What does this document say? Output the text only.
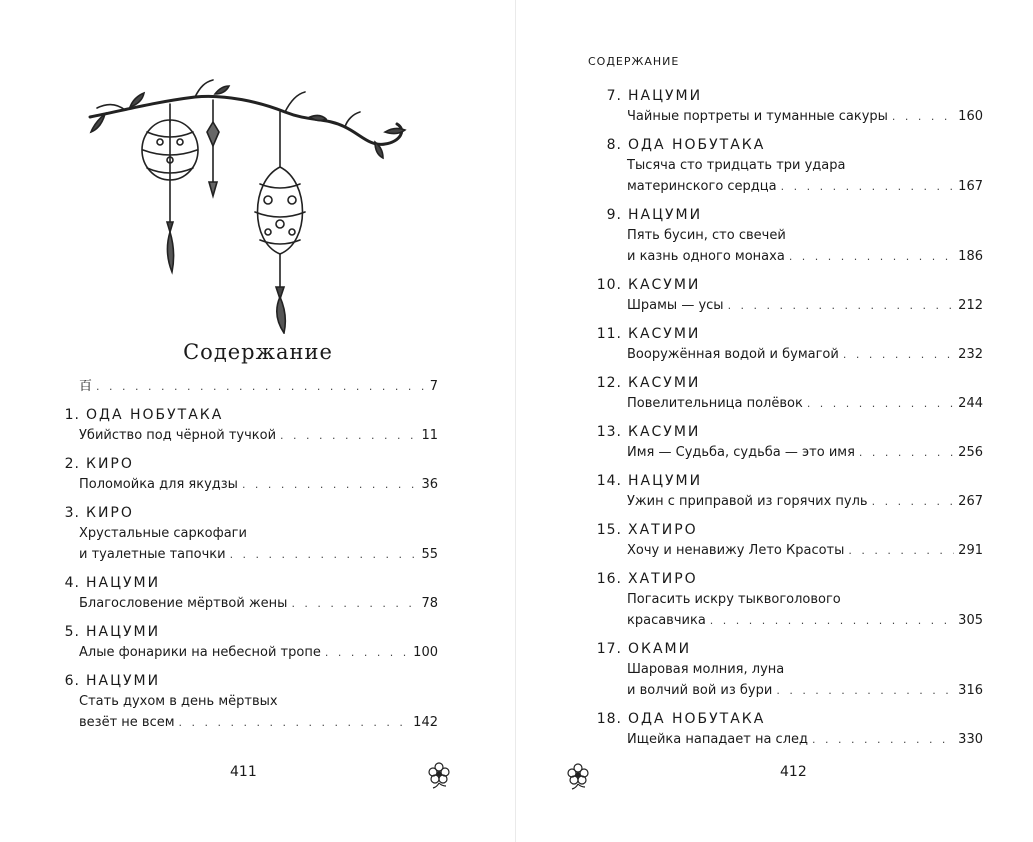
Содержание
百 . . .	7
1. ОДА НОБУТАКА
Убийство под чёрной тучкой . . .	11
2. КИРО
Поломойка для якудзы . . .	36
3. КИРО
Хрустальные саркофаги
и туалетные тапочки . . .	55
4. НАЦУМИ
Благословение мёртвой жены . . .	78
5. НАЦУМИ
Алые фонарики на небесной тропе . . .	100
6. НАЦУМИ
Стать духом в день мёртвых
везёт не всем . . .	142
411
СОДЕРЖАНИЕ
7. НАЦУМИ
Чайные портреты и туманные сакуры . . .	160
8. ОДА НОБУТАКА
Тысяча сто тридцать три удара
материнского сердца . . .	167
9. НАЦУМИ
Пять бусин, сто свечей
и казнь одного монаха . . .	186
10. КАСУМИ
Шрамы — усы . . .	212
11. КАСУМИ
Вооружённая водой и бумагой . . .	232
12. КАСУМИ
Повелительница полёвок . . .	244
13. КАСУМИ
Имя — Судьба, судьба — это имя . . .	256
14. НАЦУМИ
Ужин с приправой из горячих пуль . . .	267
15. ХАТИРО
Хочу и ненавижу Лето Красоты . . .	291
16. ХАТИРО
Погасить искру тыквоголового
красавчика . . .	305
17. ОКАМИ
Шаровая молния, луна
и волчий вой из бури . . .	316
18. ОДА НОБУТАКА
Ищейка нападает на след . . .	330
412
